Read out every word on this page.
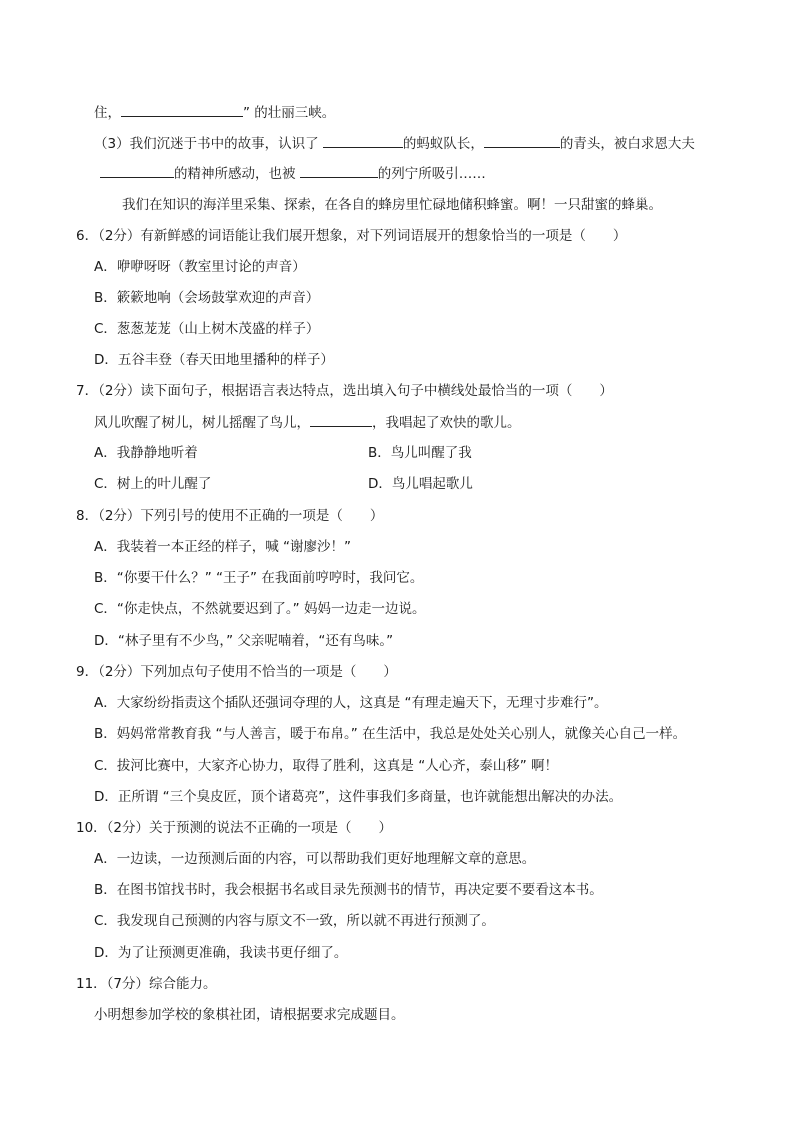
住，	” 的壮丽三峡。
（3）我们沉迷于书中的故事，认识了	的蚂蚁队长，	的青头，被白求恩大夫
的精神所感动，也被	的列宁所吸引……
我们在知识的海洋里采集、探索，在各自的蜂房里忙碌地储积蜂蜜。啊！一只甜蜜的蜂巢。
6．（2分）有新鲜感的词语能让我们展开想象，对下列词语展开的想象恰当的一项是（　　）
A．咿咿呀呀（教室里讨论的声音）
B．簌簌地响（会场鼓掌欢迎的声音）
C．葱葱茏茏（山上树木茂盛的样子）
D．五谷丰登（春天田地里播种的样子）
7．（2分）读下面句子，根据语言表达特点，选出填入句子中横线处最恰当的一项（　　）
风儿吹醒了树儿，树儿摇醒了鸟儿，	，我唱起了欢快的歌儿。
A．我静静地听着	B．鸟儿叫醒了我
C．树上的叶儿醒了	D．鸟儿唱起歌儿
8．（2分）下列引号的使用不正确的一项是（　　）
A．我装着一本正经的样子，喊 “谢廖沙！”
B．“你要干什么？” “王子” 在我面前哼哼时，我问它。
C．“你走快点，不然就要迟到了。” 妈妈一边走一边说。
D．“林子里有不少鸟，” 父亲呢喃着，“还有鸟味。”
9．（2分）下列加点句子使用不恰当的一项是（　　）
A．大家纷纷指责这个插队还强词夺理的人，这真是 “有理走遍天下，无理寸步难行”。
B．妈妈常常教育我 “与人善言，暖于布帛。” 在生活中，我总是处处关心别人，就像关心自己一样。
C．拔河比赛中，大家齐心协力，取得了胜利，这真是 “人心齐，泰山移” 啊！
D．正所谓 “三个臭皮匠，顶个诸葛亮”，这件事我们多商量，也许就能想出解决的办法。
10．（2分）关于预测的说法不正确的一项是（　　）
A．一边读，一边预测后面的内容，可以帮助我们更好地理解文章的意思。
B．在图书馆找书时，我会根据书名或目录先预测书的情节，再决定要不要看这本书。
C．我发现自己预测的内容与原文不一致，所以就不再进行预测了。
D．为了让预测更准确，我读书更仔细了。
11．（7分）综合能力。
小明想参加学校的象棋社团，请根据要求完成题目。
